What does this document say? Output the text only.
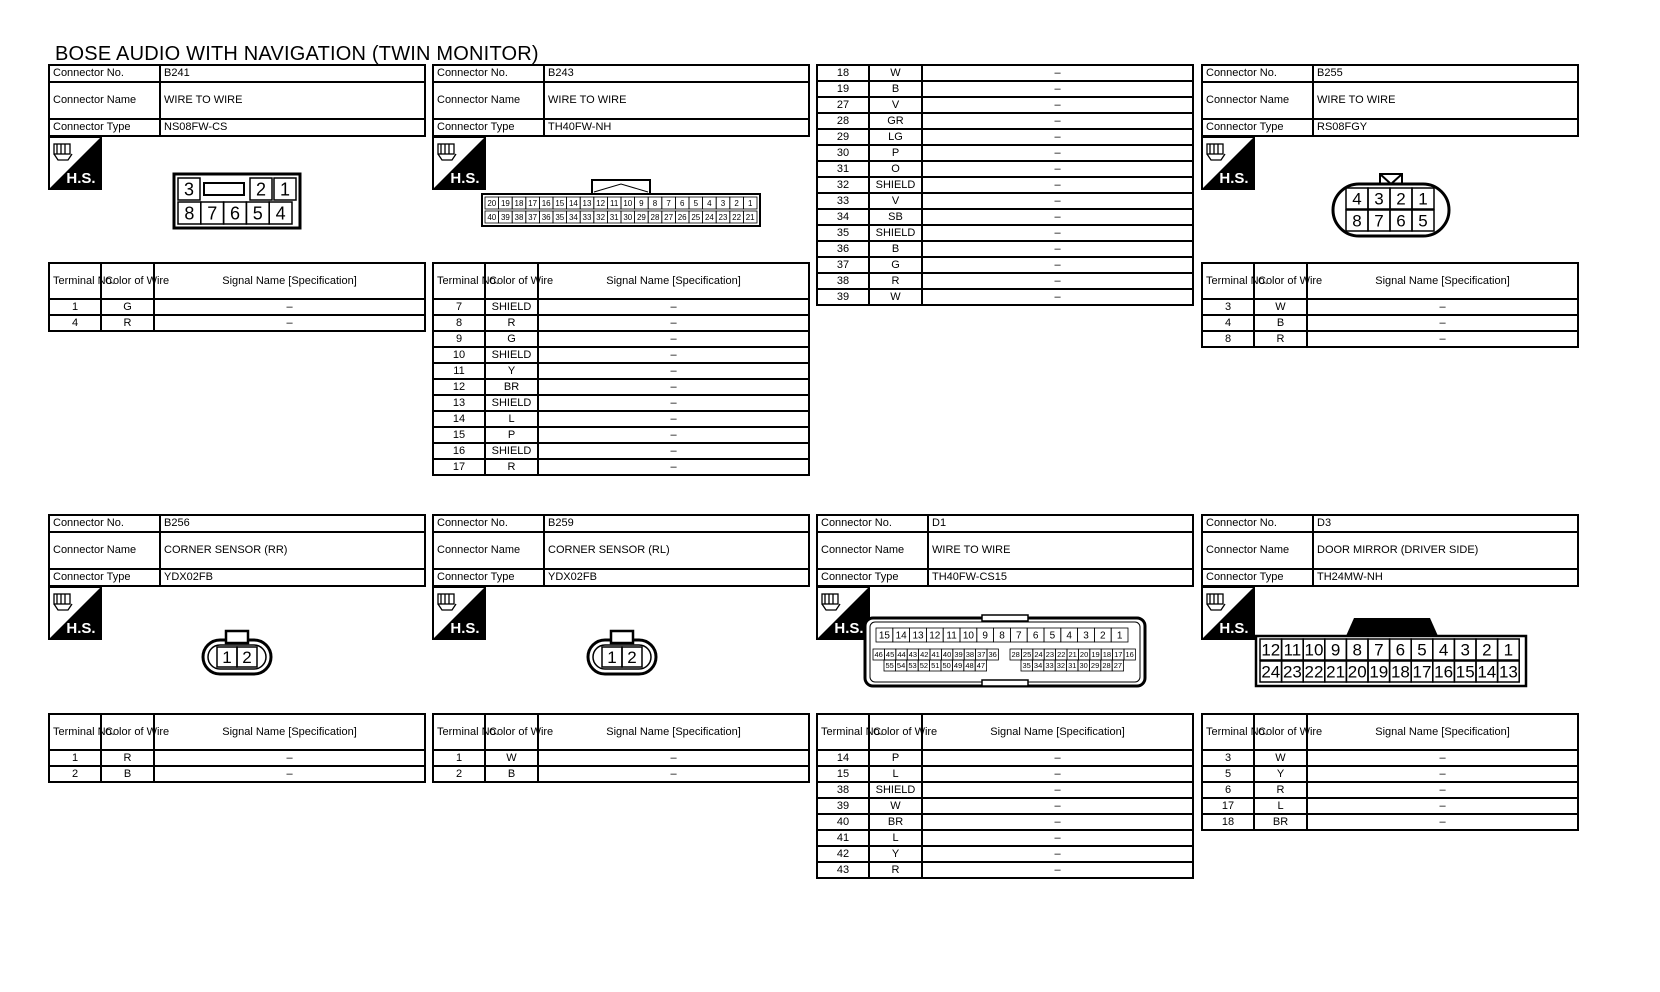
BOSE AUDIO WITH NAVIGATION (TWIN MONITOR)
Connector No.	B241
Connector Name	WIRE TO WIRE
Connector Type	NS08FW-CS
H.S.
3	2 1
8 7 6 5 4
Terminal No.	Color of Wire	Signal Name [Specification]
1	G	–
4	R	–
Connector No.	B243
Connector Name	WIRE TO WIRE
Connector Type	TH40FW-NH
H.S.
20 19 18 17 16 15 14 13 12 11 10 9 8 7 6 5 4 3 2 1
40 39 38 37 36 35 34 33 32 31 30 29 28 27 26 25 24 23 22 21
Terminal No.	Color of Wire	Signal Name [Specification]
7	SHIELD	–
8	R	–
9	G	–
10	SHIELD	–
11	Y	–
12	BR	–
13	SHIELD	–
14	L	–
15	P	–
16	SHIELD	–
17	R	–
18	W	–
19	B	–
27	V	–
28	GR	–
29	LG	–
30	P	–
31	O	–
32	SHIELD	–
33	V	–
34	SB	–
35	SHIELD	–
36	B	–
37	G	–
38	R	–
39	W	–
Connector No.	B255
Connector Name	WIRE TO WIRE
Connector Type	RS08FGY
H.S.
4 3 2 1
8 7 6 5
Terminal No.	Color of Wire	Signal Name [Specification]
3	W	–
4	B	–
8	R	–
Connector No.	B256
Connector Name	CORNER SENSOR (RR)
Connector Type	YDX02FB
H.S.
1 2
Terminal No.	Color of Wire	Signal Name [Specification]
1	R	–
2	B	–
Connector No.	B259
Connector Name	CORNER SENSOR (RL)
Connector Type	YDX02FB
H.S.
1 2
Terminal No.	Color of Wire	Signal Name [Specification]
1	W	–
2	B	–
Connector No.	D1
Connector Name	WIRE TO WIRE
Connector Type	TH40FW-CS15
H.S. 15 14 13 12 11 10 9 8 7 6 5 4 3 2 1
46 45 44 43 42 41 40 39 38 37 36
55 54 53 52 51 50 49 48 47
28 25 24 23 22 21 20 19 18 17 16
35 34 33 32 31 30 29 28 27
Terminal No.	Color of Wire	Signal Name [Specification]
14	P	–
15	L	–
38	SHIELD	–
39	W	–
40	BR	–
41	L	–
42	Y	–
43	R	–
Connector No.	D3
Connector Name	DOOR MIRROR (DRIVER SIDE)
Connector Type	TH24MW-NH
H.S.
12 11 10 9 8 7 6 5 4 3 2 1
24 23 22 21 20 19 18 17 16 15 14 13
Terminal No.	Color of Wire	Signal Name [Specification]
3	W	–
5	Y	–
6	R	–
17	L	–
18	BR	–
